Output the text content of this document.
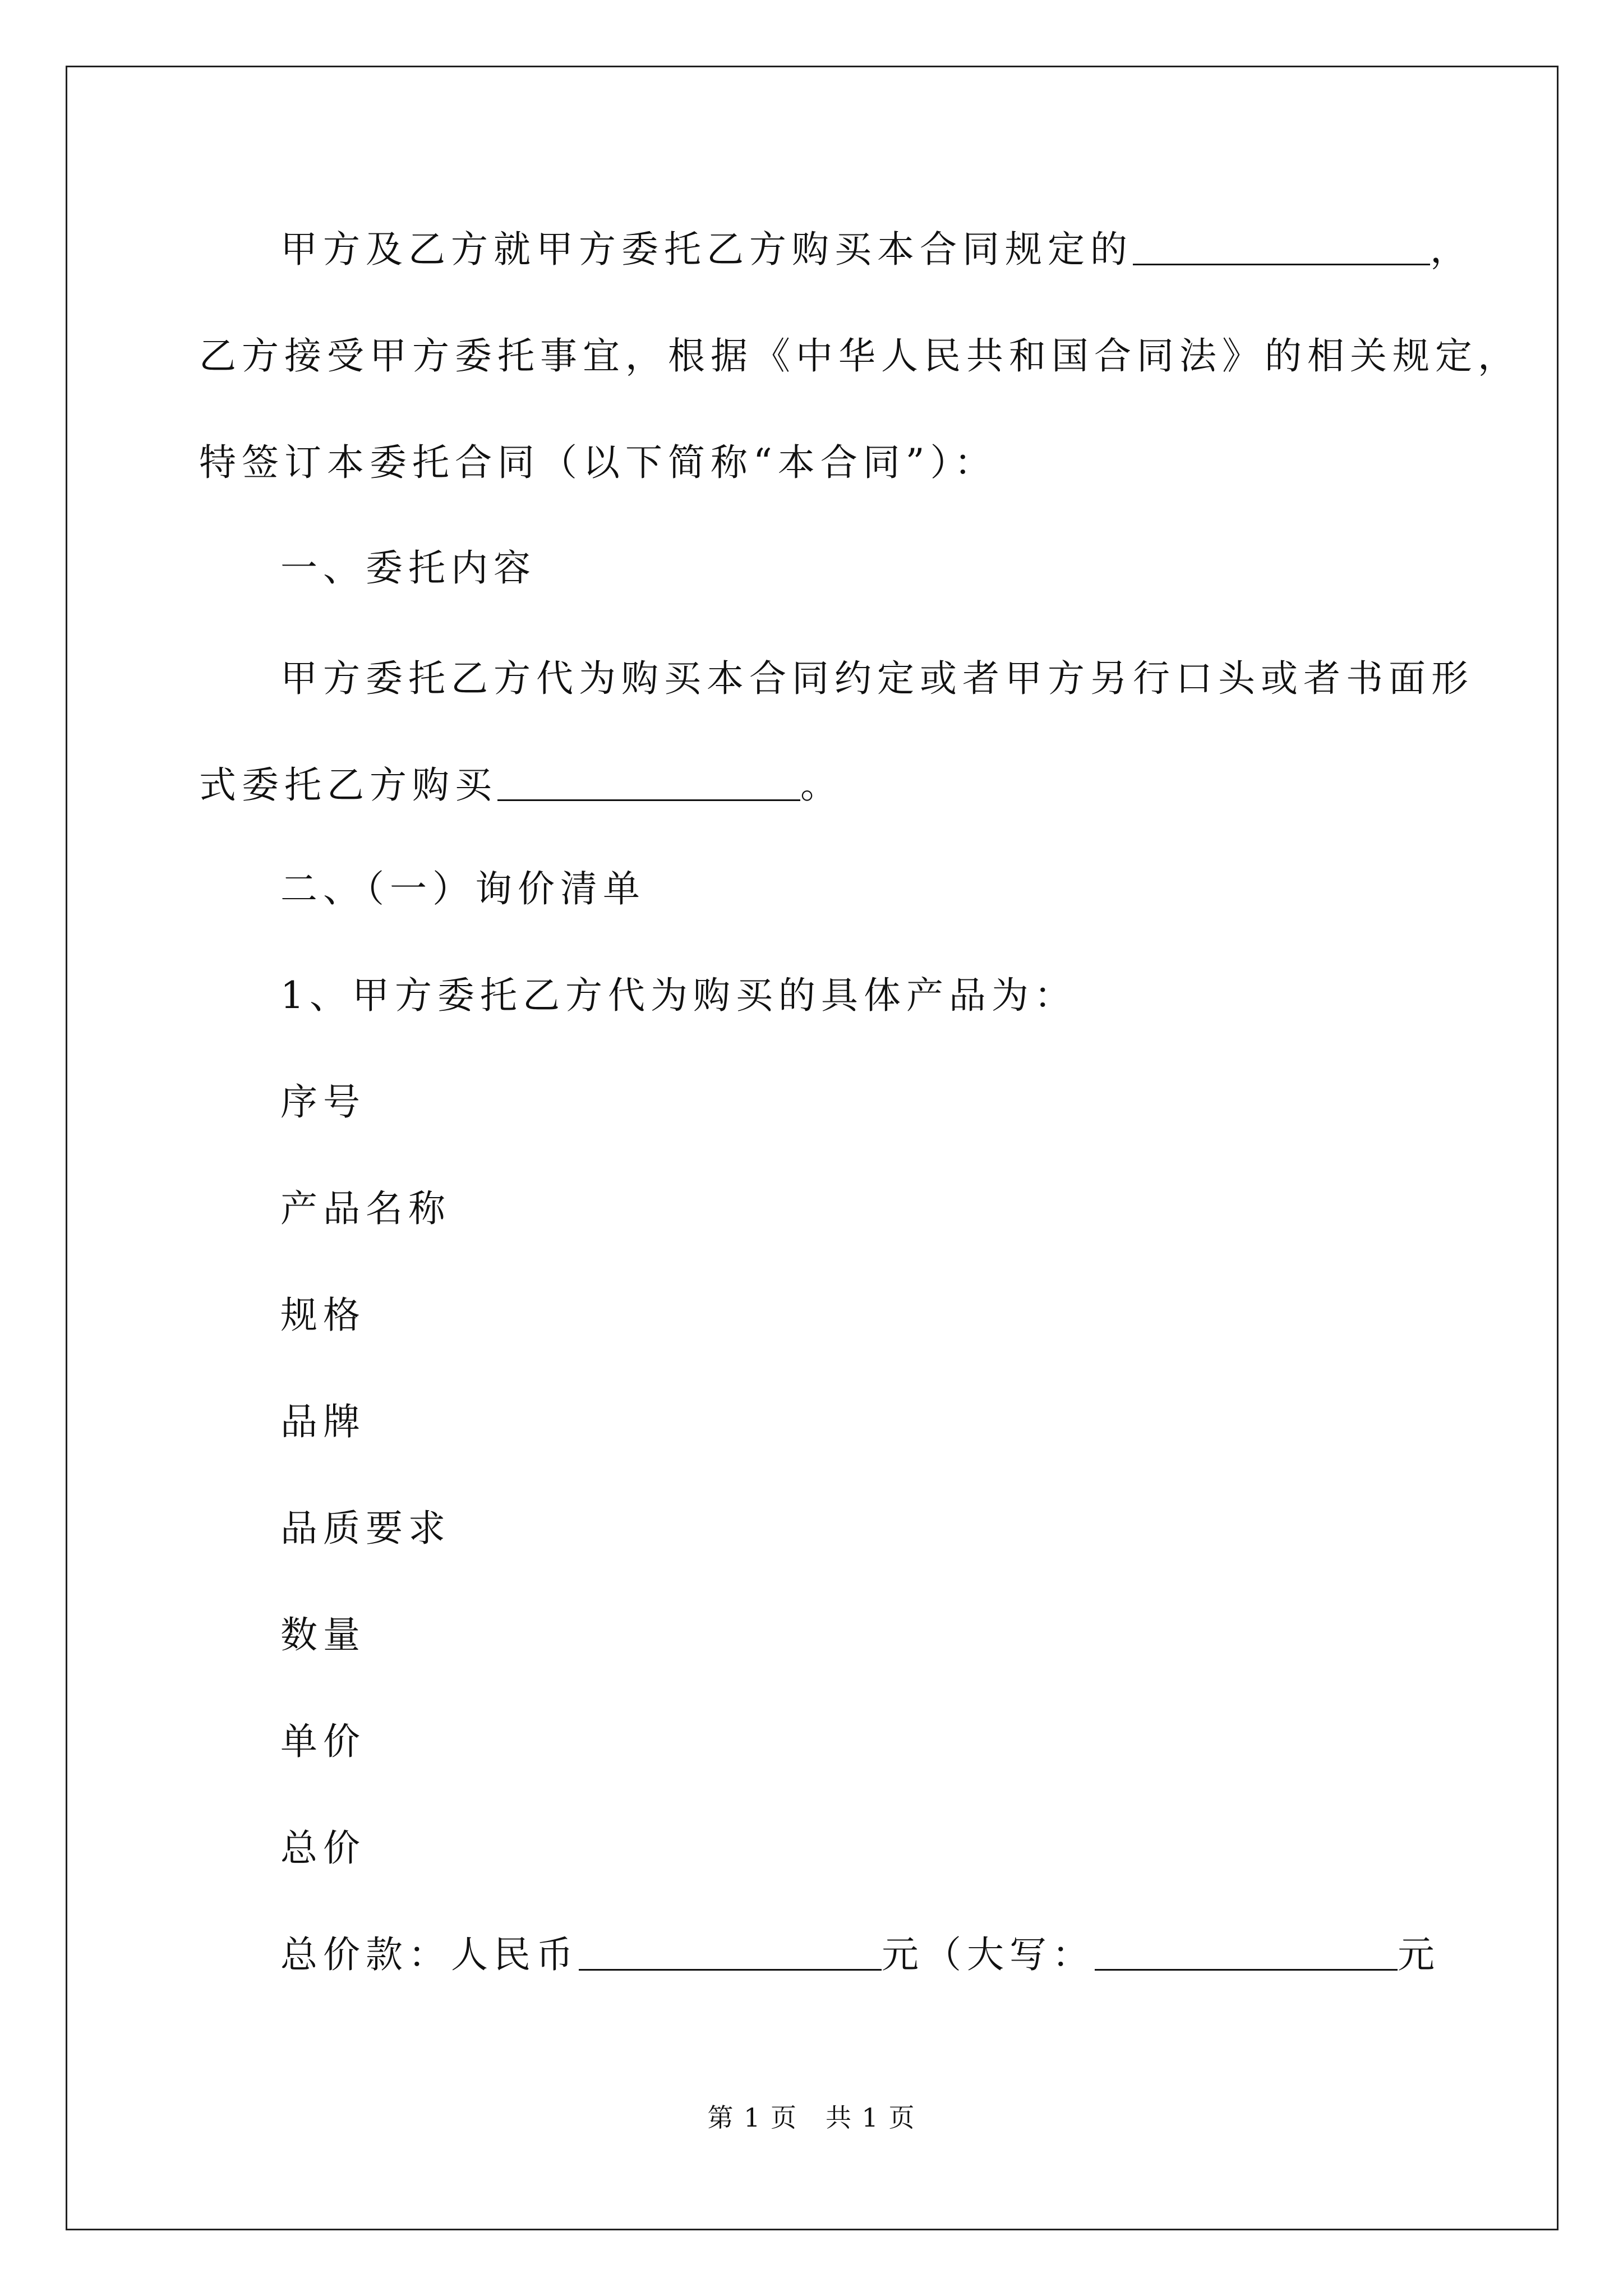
甲方及乙方就甲方委托乙方购买本合同规定的	，
乙方接受甲方委托事宜，根据《中华人民共和国合同法》的相关规定，
特签订本委托合同（以下简称“本合同”）：
一、委托内容
甲方委托乙方代为购买本合同约定或者甲方另行口头或者书面形
式委托乙方购买	。
二、（一）询价清单
1、甲方委托乙方代为购买的具体产品为：
序号
产品名称
规格
品牌
品质要求
数量
单价
总价
总价款：人民币	元（大写：	元
第 1 页 共 1 页
